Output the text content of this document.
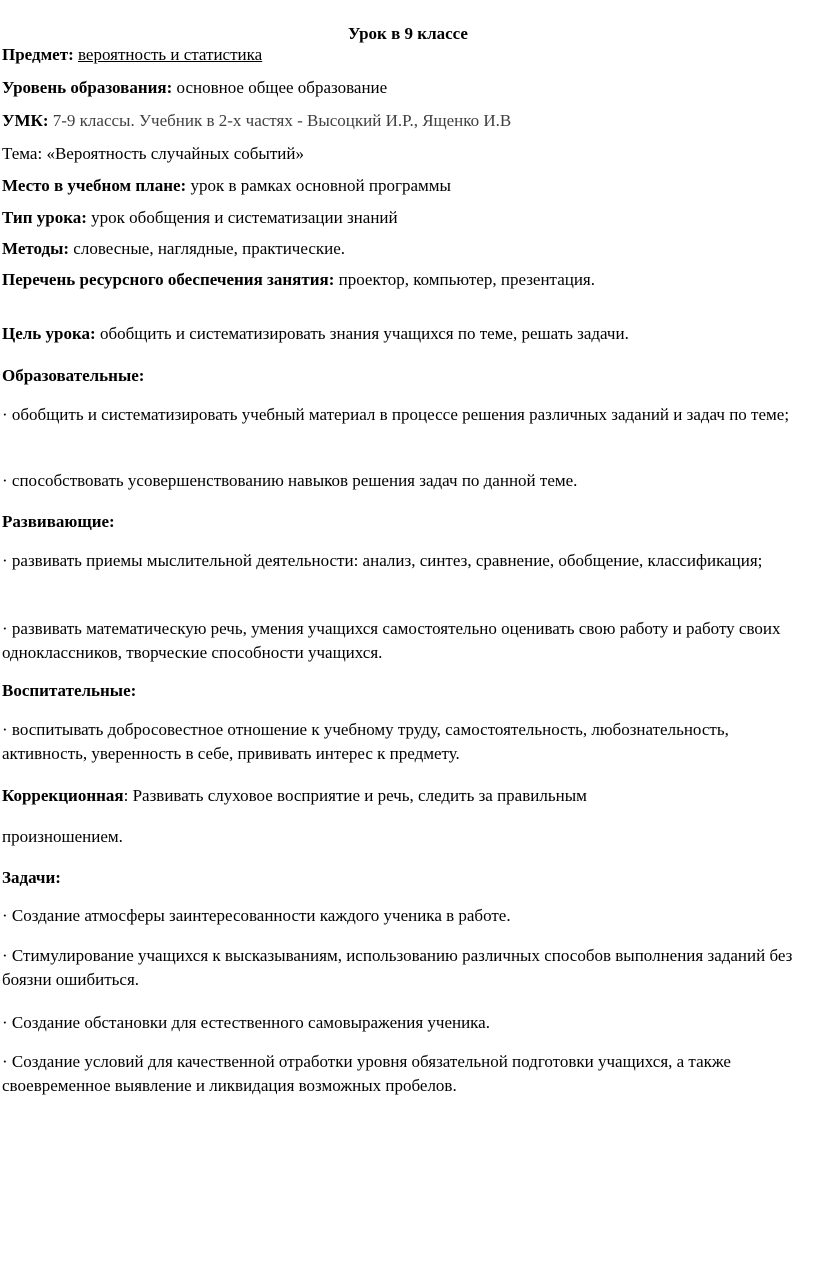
Урок в 9 классе
Предмет: вероятность и статистика
Уровень образования: основное общее образование
УМК: 7-9 классы. Учебник в 2-х частях - Высоцкий И.Р., Ященко И.В
Тема: «Вероятность случайных событий»
Место в учебном плане: урок в рамках основной программы
Тип урока: урок обобщения и систематизации знаний
Методы: словесные, наглядные, практические.
Перечень ресурсного обеспечения занятия: проектор, компьютер, презентация.
Цель урока: обобщить и систематизировать знания учащихся по теме, решать задачи.
Образовательные:
· обобщить и систематизировать учебный материал в процессе решения различных заданий и задач по теме;
· способствовать усовершенствованию навыков решения задач по данной теме.
Развивающие:
· развивать приемы мыслительной деятельности: анализ, синтез, сравнение, обобщение, классификация;
· развивать математическую речь, умения учащихся самостоятельно оценивать свою работу и работу своих одноклассников, творческие способности учащихся.
Воспитательные:
· воспитывать добросовестное отношение к учебному труду, самостоятельность, любознательность, активность, уверенность в себе, прививать интерес к предмету.
Коррекционная: Развивать слуховое восприятие и речь, следить за правильным
произношением.
Задачи:
· Создание атмосферы заинтересованности каждого ученика в работе.
· Стимулирование учащихся к высказываниям, использованию различных способов выполнения заданий без боязни ошибиться.
· Создание обстановки для естественного самовыражения ученика.
· Создание условий для качественной отработки уровня обязательной подготовки учащихся, а также своевременное выявление и ликвидация возможных пробелов.
